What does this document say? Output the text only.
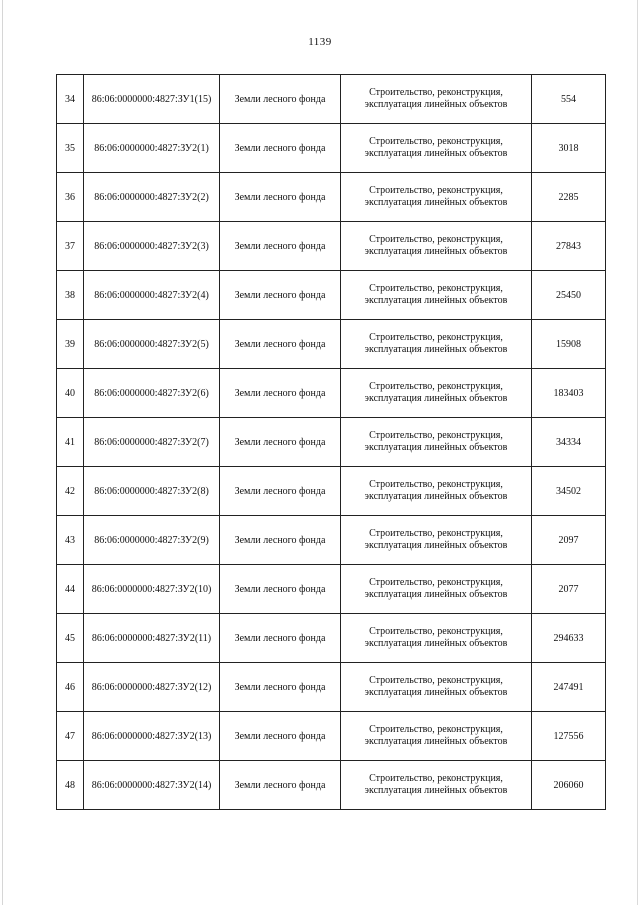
1139
34	86:06:0000000:4827:ЗУ1(15)	Земли лесного фонда	Строительство, реконструкция,
эксплуатация линейных объектов	554
35	86:06:0000000:4827:ЗУ2(1)	Земли лесного фонда	Строительство, реконструкция,
эксплуатация линейных объектов	3018
36	86:06:0000000:4827:ЗУ2(2)	Земли лесного фонда	Строительство, реконструкция,
эксплуатация линейных объектов	2285
37	86:06:0000000:4827:ЗУ2(3)	Земли лесного фонда	Строительство, реконструкция,
эксплуатация линейных объектов	27843
38	86:06:0000000:4827:ЗУ2(4)	Земли лесного фонда	Строительство, реконструкция,
эксплуатация линейных объектов	25450
39	86:06:0000000:4827:ЗУ2(5)	Земли лесного фонда	Строительство, реконструкция,
эксплуатация линейных объектов	15908
40	86:06:0000000:4827:ЗУ2(6)	Земли лесного фонда	Строительство, реконструкция,
эксплуатация линейных объектов	183403
41	86:06:0000000:4827:ЗУ2(7)	Земли лесного фонда	Строительство, реконструкция,
эксплуатация линейных объектов	34334
42	86:06:0000000:4827:ЗУ2(8)	Земли лесного фонда	Строительство, реконструкция,
эксплуатация линейных объектов	34502
43	86:06:0000000:4827:ЗУ2(9)	Земли лесного фонда	Строительство, реконструкция,
эксплуатация линейных объектов	2097
44	86:06:0000000:4827:ЗУ2(10)	Земли лесного фонда	Строительство, реконструкция,
эксплуатация линейных объектов	2077
45	86:06:0000000:4827:ЗУ2(11)	Земли лесного фонда	Строительство, реконструкция,
эксплуатация линейных объектов	294633
46	86:06:0000000:4827:ЗУ2(12)	Земли лесного фонда	Строительство, реконструкция,
эксплуатация линейных объектов	247491
47	86:06:0000000:4827:ЗУ2(13)	Земли лесного фонда	Строительство, реконструкция,
эксплуатация линейных объектов	127556
48	86:06:0000000:4827:ЗУ2(14)	Земли лесного фонда	Строительство, реконструкция,
эксплуатация линейных объектов	206060
